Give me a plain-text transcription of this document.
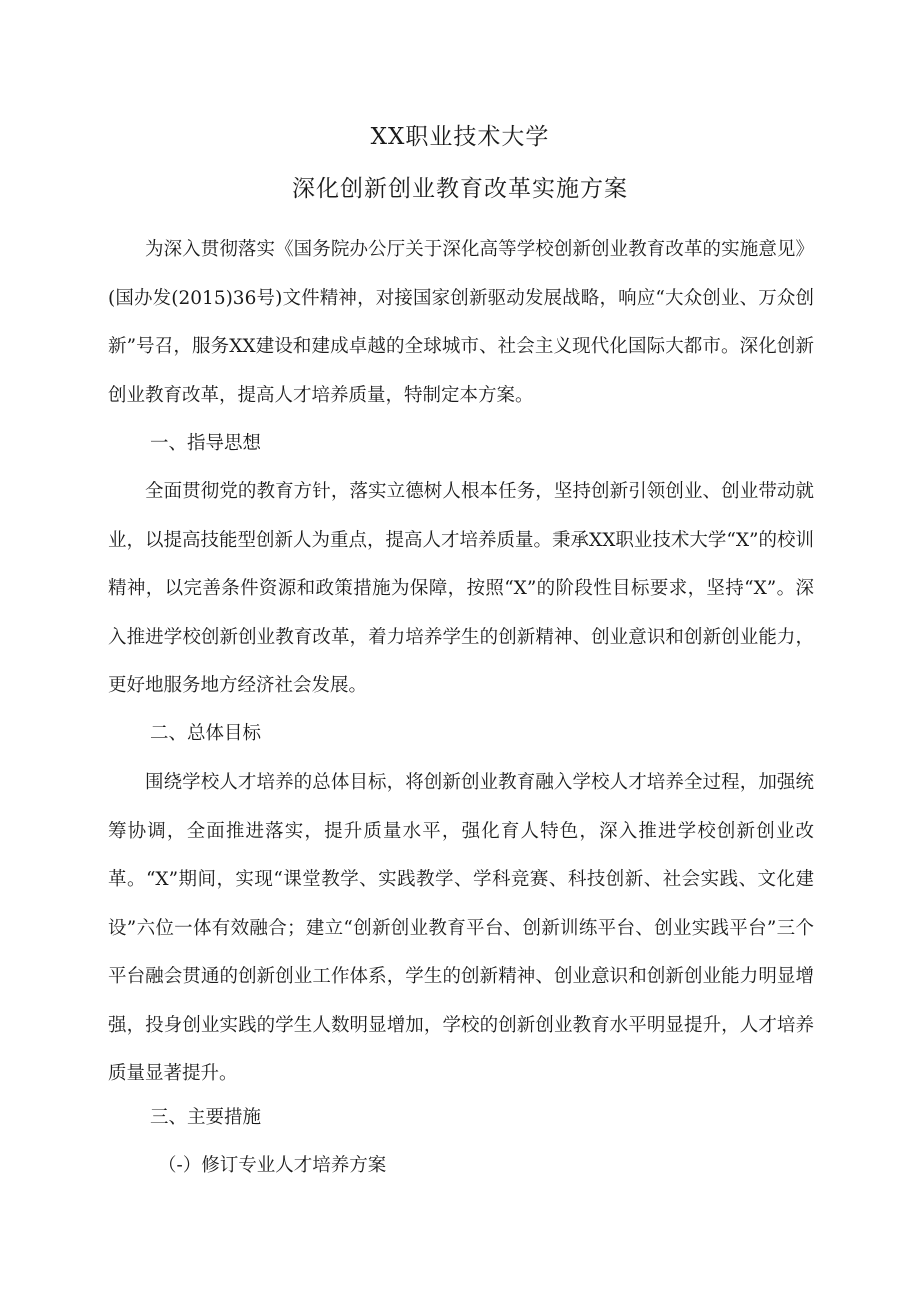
XX职业技术大学
深化创新创业教育改革实施方案

为深入贯彻落实《国务院办公厅关于深化高等学校创新创业教育改革的实施意见》(国办发(2015)36号)文件精神，对接国家创新驱动发展战略，响应“大众创业、万众创新”号召，服务XX建设和建成卓越的全球城市、社会主义现代化国际大都市。深化创新创业教育改革，提高人才培养质量，特制定本方案。

一、指导思想

全面贯彻党的教育方针，落实立德树人根本任务，坚持创新引领创业、创业带动就业，以提高技能型创新人为重点，提高人才培养质量。秉承XX职业技术大学“X”的校训精神，以完善条件资源和政策措施为保障，按照“X”的阶段性目标要求，坚持“X”。深入推进学校创新创业教育改革，着力培养学生的创新精神、创业意识和创新创业能力，更好地服务地方经济社会发展。

二、总体目标

围绕学校人才培养的总体目标，将创新创业教育融入学校人才培养全过程，加强统筹协调，全面推进落实，提升质量水平，强化育人特色，深入推进学校创新创业改革。“X”期间，实现“课堂教学、实践教学、学科竞赛、科技创新、社会实践、文化建设”六位一体有效融合；建立“创新创业教育平台、创新训练平台、创业实践平台”三个平台融会贯通的创新创业工作体系，学生的创新精神、创业意识和创新创业能力明显增强，投身创业实践的学生人数明显增加，学校的创新创业教育水平明显提升，人才培养质量显著提升。

三、主要措施

（-）修订专业人才培养方案
